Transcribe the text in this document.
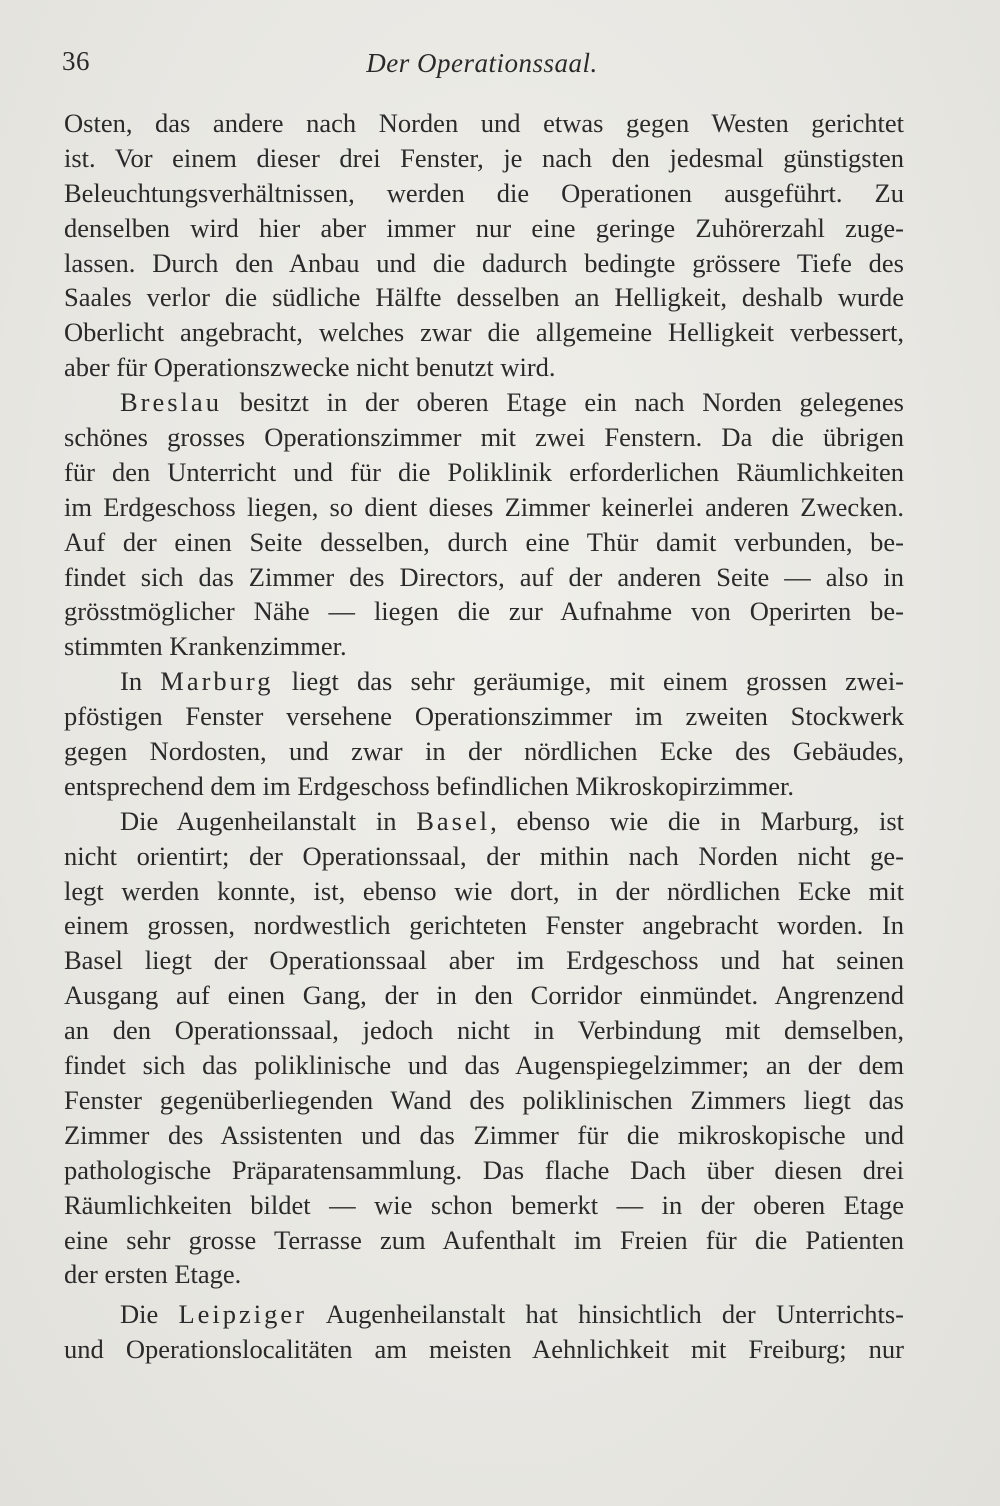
36	Der Operationssaal.
Osten, das andere nach Norden und etwas gegen Westen gerichtet
ist. Vor einem dieser drei Fenster, je nach den jedesmal günstigsten
Beleuchtungsverhältnissen, werden die Operationen ausgeführt. Zu
denselben wird hier aber immer nur eine geringe Zuhörerzahl zuge-
lassen. Durch den Anbau und die dadurch bedingte grössere Tiefe des
Saales verlor die südliche Hälfte desselben an Helligkeit, deshalb wurde
Oberlicht angebracht, welches zwar die allgemeine Helligkeit verbessert,
aber für Operationszwecke nicht benutzt wird.
Breslau besitzt in der oberen Etage ein nach Norden gelegenes
schönes grosses Operationszimmer mit zwei Fenstern. Da die übrigen
für den Unterricht und für die Poliklinik erforderlichen Räumlichkeiten
im Erdgeschoss liegen, so dient dieses Zimmer keinerlei anderen Zwecken.
Auf der einen Seite desselben, durch eine Thür damit verbunden, be-
findet sich das Zimmer des Directors, auf der anderen Seite — also in
grösstmöglicher Nähe — liegen die zur Aufnahme von Operirten be-
stimmten Krankenzimmer.
In Marburg liegt das sehr geräumige, mit einem grossen zwei-
pföstigen Fenster versehene Operationszimmer im zweiten Stockwerk
gegen Nordosten, und zwar in der nördlichen Ecke des Gebäudes,
entsprechend dem im Erdgeschoss befindlichen Mikroskopirzimmer.
Die Augenheilanstalt in Basel, ebenso wie die in Marburg, ist
nicht orientirt; der Operationssaal, der mithin nach Norden nicht ge-
legt werden konnte, ist, ebenso wie dort, in der nördlichen Ecke mit
einem grossen, nordwestlich gerichteten Fenster angebracht worden. In
Basel liegt der Operationssaal aber im Erdgeschoss und hat seinen
Ausgang auf einen Gang, der in den Corridor einmündet. Angrenzend
an den Operationssaal, jedoch nicht in Verbindung mit demselben,
findet sich das poliklinische und das Augenspiegelzimmer; an der dem
Fenster gegenüberliegenden Wand des poliklinischen Zimmers liegt das
Zimmer des Assistenten und das Zimmer für die mikroskopische und
pathologische Präparatensammlung. Das flache Dach über diesen drei
Räumlichkeiten bildet — wie schon bemerkt — in der oberen Etage
eine sehr grosse Terrasse zum Aufenthalt im Freien für die Patienten
der ersten Etage.
Die Leipziger Augenheilanstalt hat hinsichtlich der Unterrichts-
und Operationslocalitäten am meisten Aehnlichkeit mit Freiburg; nur
